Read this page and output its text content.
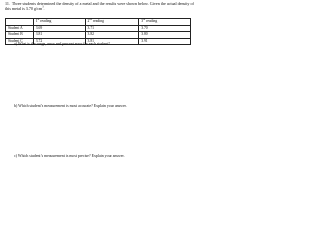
11. Three students determined the density of a metal and the results were shown below. Given the actual density of this metal is 3.70 $g/cm^3$.
	1st reading	2nd reading	3rd reading
Student A	3.69	3.71	3.70
Student B	3.81	3.82	3.80
Student C	3.72	3.81	3.91
a) What is the range, error and percent error for each student?
b) Which student’s measurement is most accurate? Explain your answer.
c) Which student’s measurement is most precise? Explain your answer.
